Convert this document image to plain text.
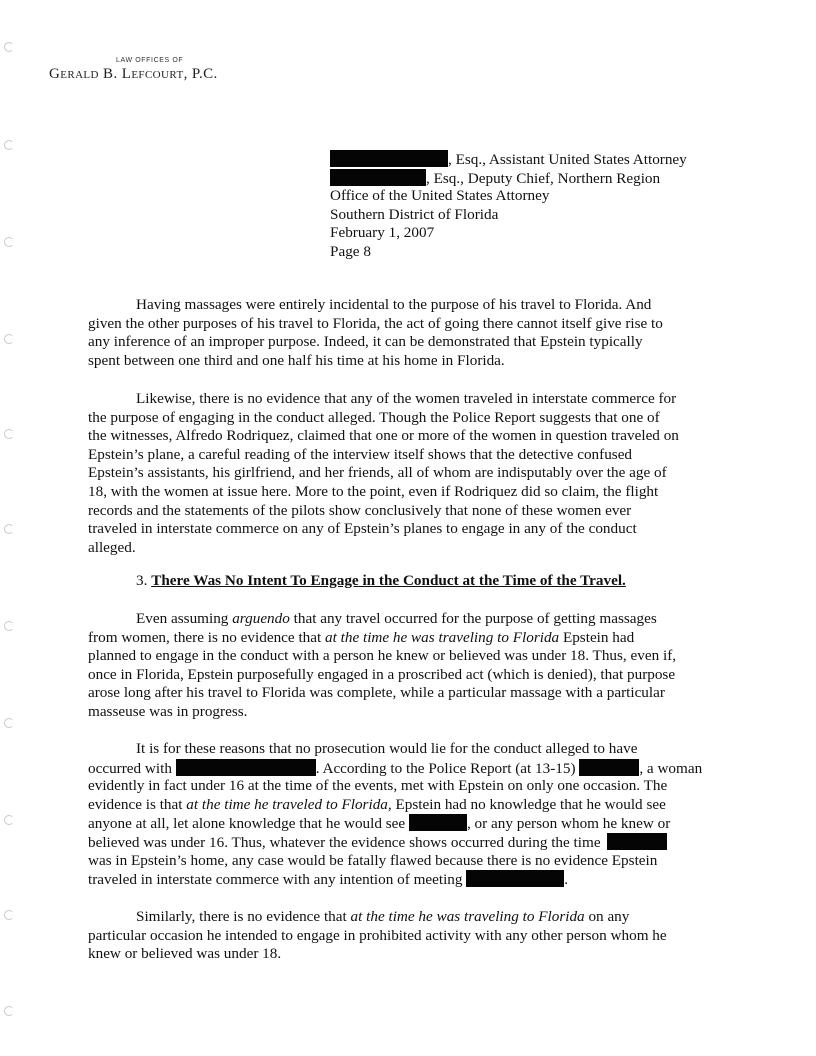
LAW OFFICES OF
Gerald B. Lefcourt, P.C.
, Esq., Assistant United States Attorney
, Esq., Deputy Chief, Northern Region
Office of the United States Attorney
Southern District of Florida
February 1, 2007
Page 8
Having massages were entirely incidental to the purpose of his travel to Florida. And
given the other purposes of his travel to Florida, the act of going there cannot itself give rise to
any inference of an improper purpose. Indeed, it can be demonstrated that Epstein typically
spent between one third and one half his time at his home in Florida.
Likewise, there is no evidence that any of the women traveled in interstate commerce for
the purpose of engaging in the conduct alleged. Though the Police Report suggests that one of
the witnesses, Alfredo Rodriquez, claimed that one or more of the women in question traveled on
Epstein’s plane, a careful reading of the interview itself shows that the detective confused
Epstein’s assistants, his girlfriend, and her friends, all of whom are indisputably over the age of
18, with the women at issue here. More to the point, even if Rodriquez did so claim, the flight
records and the statements of the pilots show conclusively that none of these women ever
traveled in interstate commerce on any of Epstein’s planes to engage in any of the conduct
alleged.
3. There Was No Intent To Engage in the Conduct at the Time of the Travel.
Even assuming arguendo that any travel occurred for the purpose of getting massages
from women, there is no evidence that at the time he was traveling to Florida Epstein had
planned to engage in the conduct with a person he knew or believed was under 18. Thus, even if,
once in Florida, Epstein purposefully engaged in a proscribed act (which is denied), that purpose
arose long after his travel to Florida was complete, while a particular massage with a particular
masseuse was in progress.
It is for these reasons that no prosecution would lie for the conduct alleged to have
occurred with	. According to the Police Report (at 13-15)	, a woman
evidently in fact under 16 at the time of the events, met with Epstein on only one occasion. The
evidence is that at the time he traveled to Florida, Epstein had no knowledge that he would see
anyone at all, let alone knowledge that he would see	, or any person whom he knew or
believed was under 16. Thus, whatever the evidence shows occurred during the time
was in Epstein’s home, any case would be fatally flawed because there is no evidence Epstein
traveled in interstate commerce with any intention of meeting	.
Similarly, there is no evidence that at the time he was traveling to Florida on any
particular occasion he intended to engage in prohibited activity with any other person whom he
knew or believed was under 18.
